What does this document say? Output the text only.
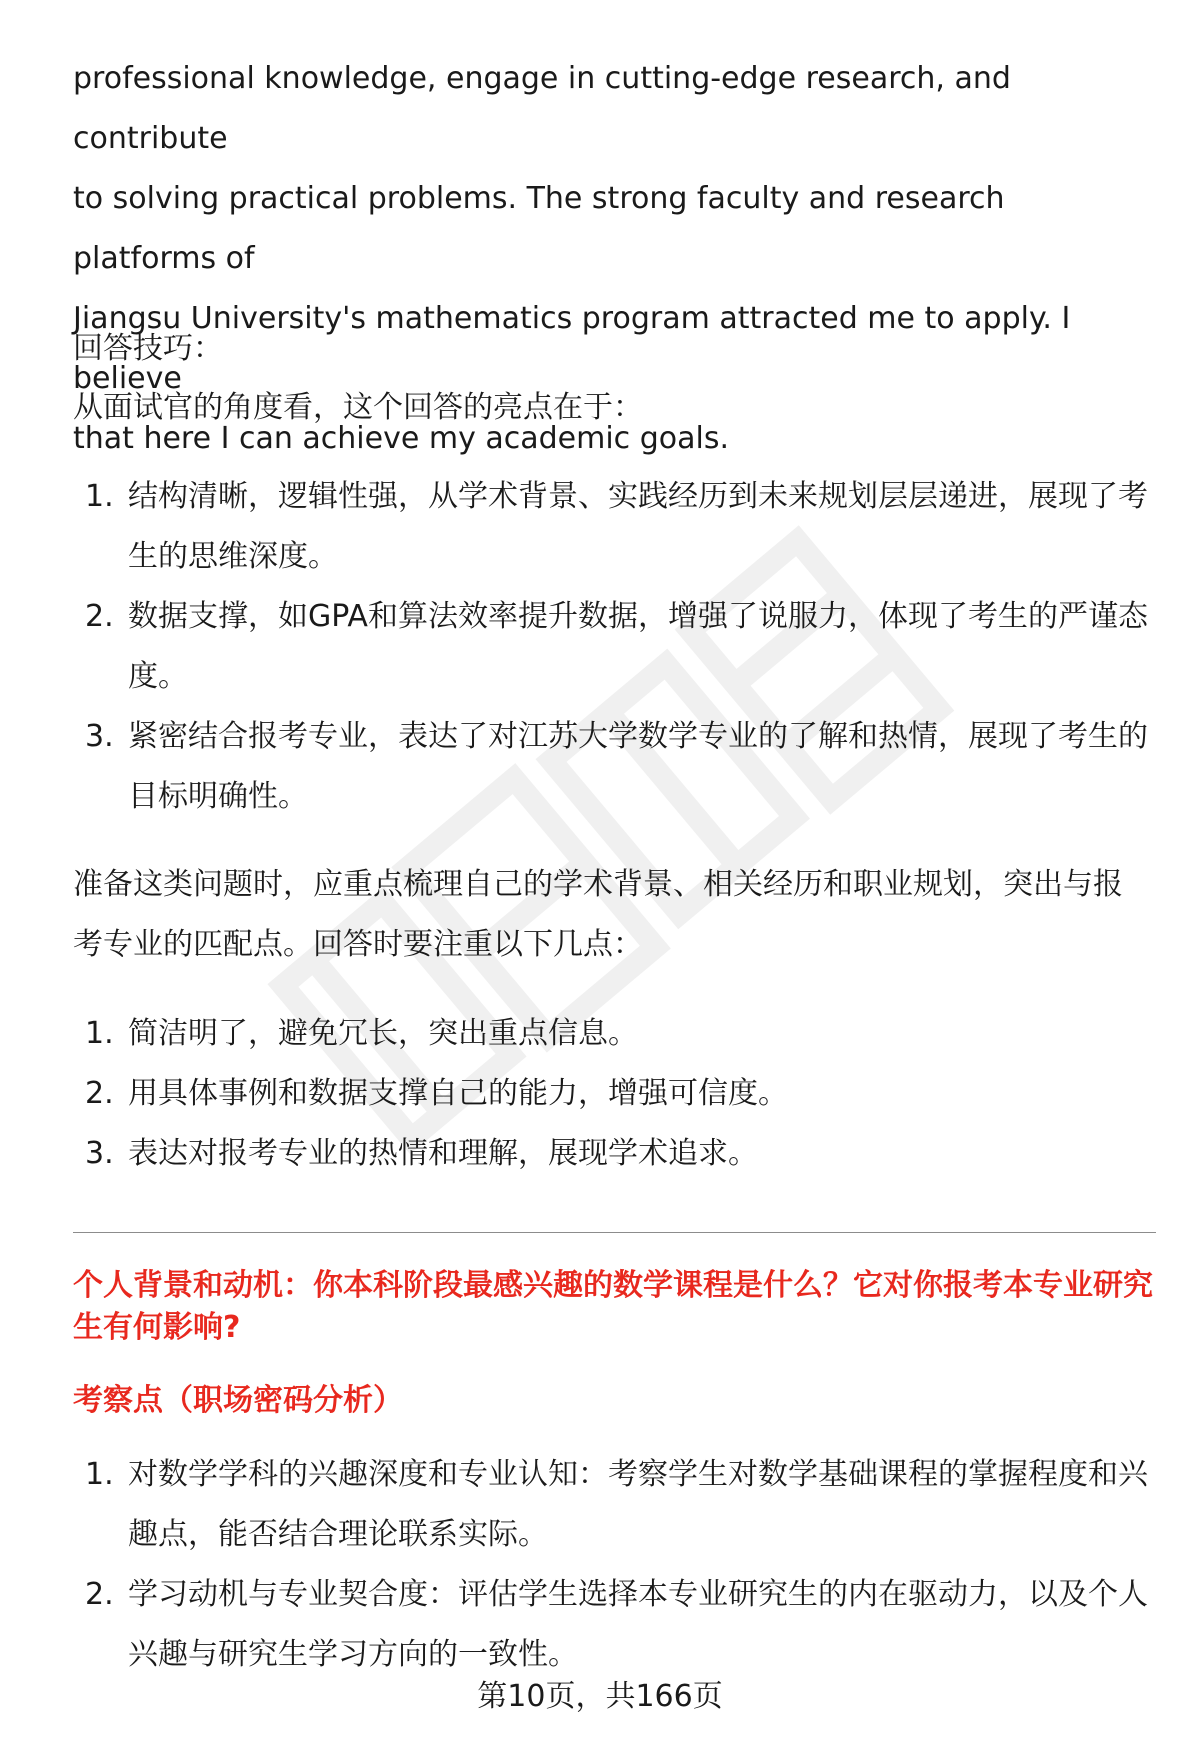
professional knowledge, engage in cutting-edge research, and contribute
to solving practical problems. The strong faculty and research platforms of
Jiangsu University's mathematics program attracted me to apply. I believe
that here I can achieve my academic goals.

回答技巧：

从面试官的角度看，这个回答的亮点在于：

1. 结构清晰，逻辑性强，从学术背景、实践经历到未来规划层层递进，展现了考生的思维深度。
2. 数据支撑，如GPA和算法效率提升数据，增强了说服力，体现了考生的严谨态度。
3. 紧密结合报考专业，表达了对江苏大学数学专业的了解和热情，展现了考生的目标明确性。

准备这类问题时，应重点梳理自己的学术背景、相关经历和职业规划，突出与报考专业的匹配点。回答时要注重以下几点：

1. 简洁明了，避免冗长，突出重点信息。
2. 用具体事例和数据支撑自己的能力，增强可信度。
3. 表达对报考专业的热情和理解，展现学术追求。

个人背景和动机：你本科阶段最感兴趣的数学课程是什么？它对你报考本专业研究生有何影响?

考察点（职场密码分析）

1. 对数学学科的兴趣深度和专业认知：考察学生对数学基础课程的掌握程度和兴趣点，能否结合理论联系实际。
2. 学习动机与专业契合度：评估学生选择本专业研究生的内在驱动力，以及个人兴趣与研究生学习方向的一致性。
第10页，共166页
